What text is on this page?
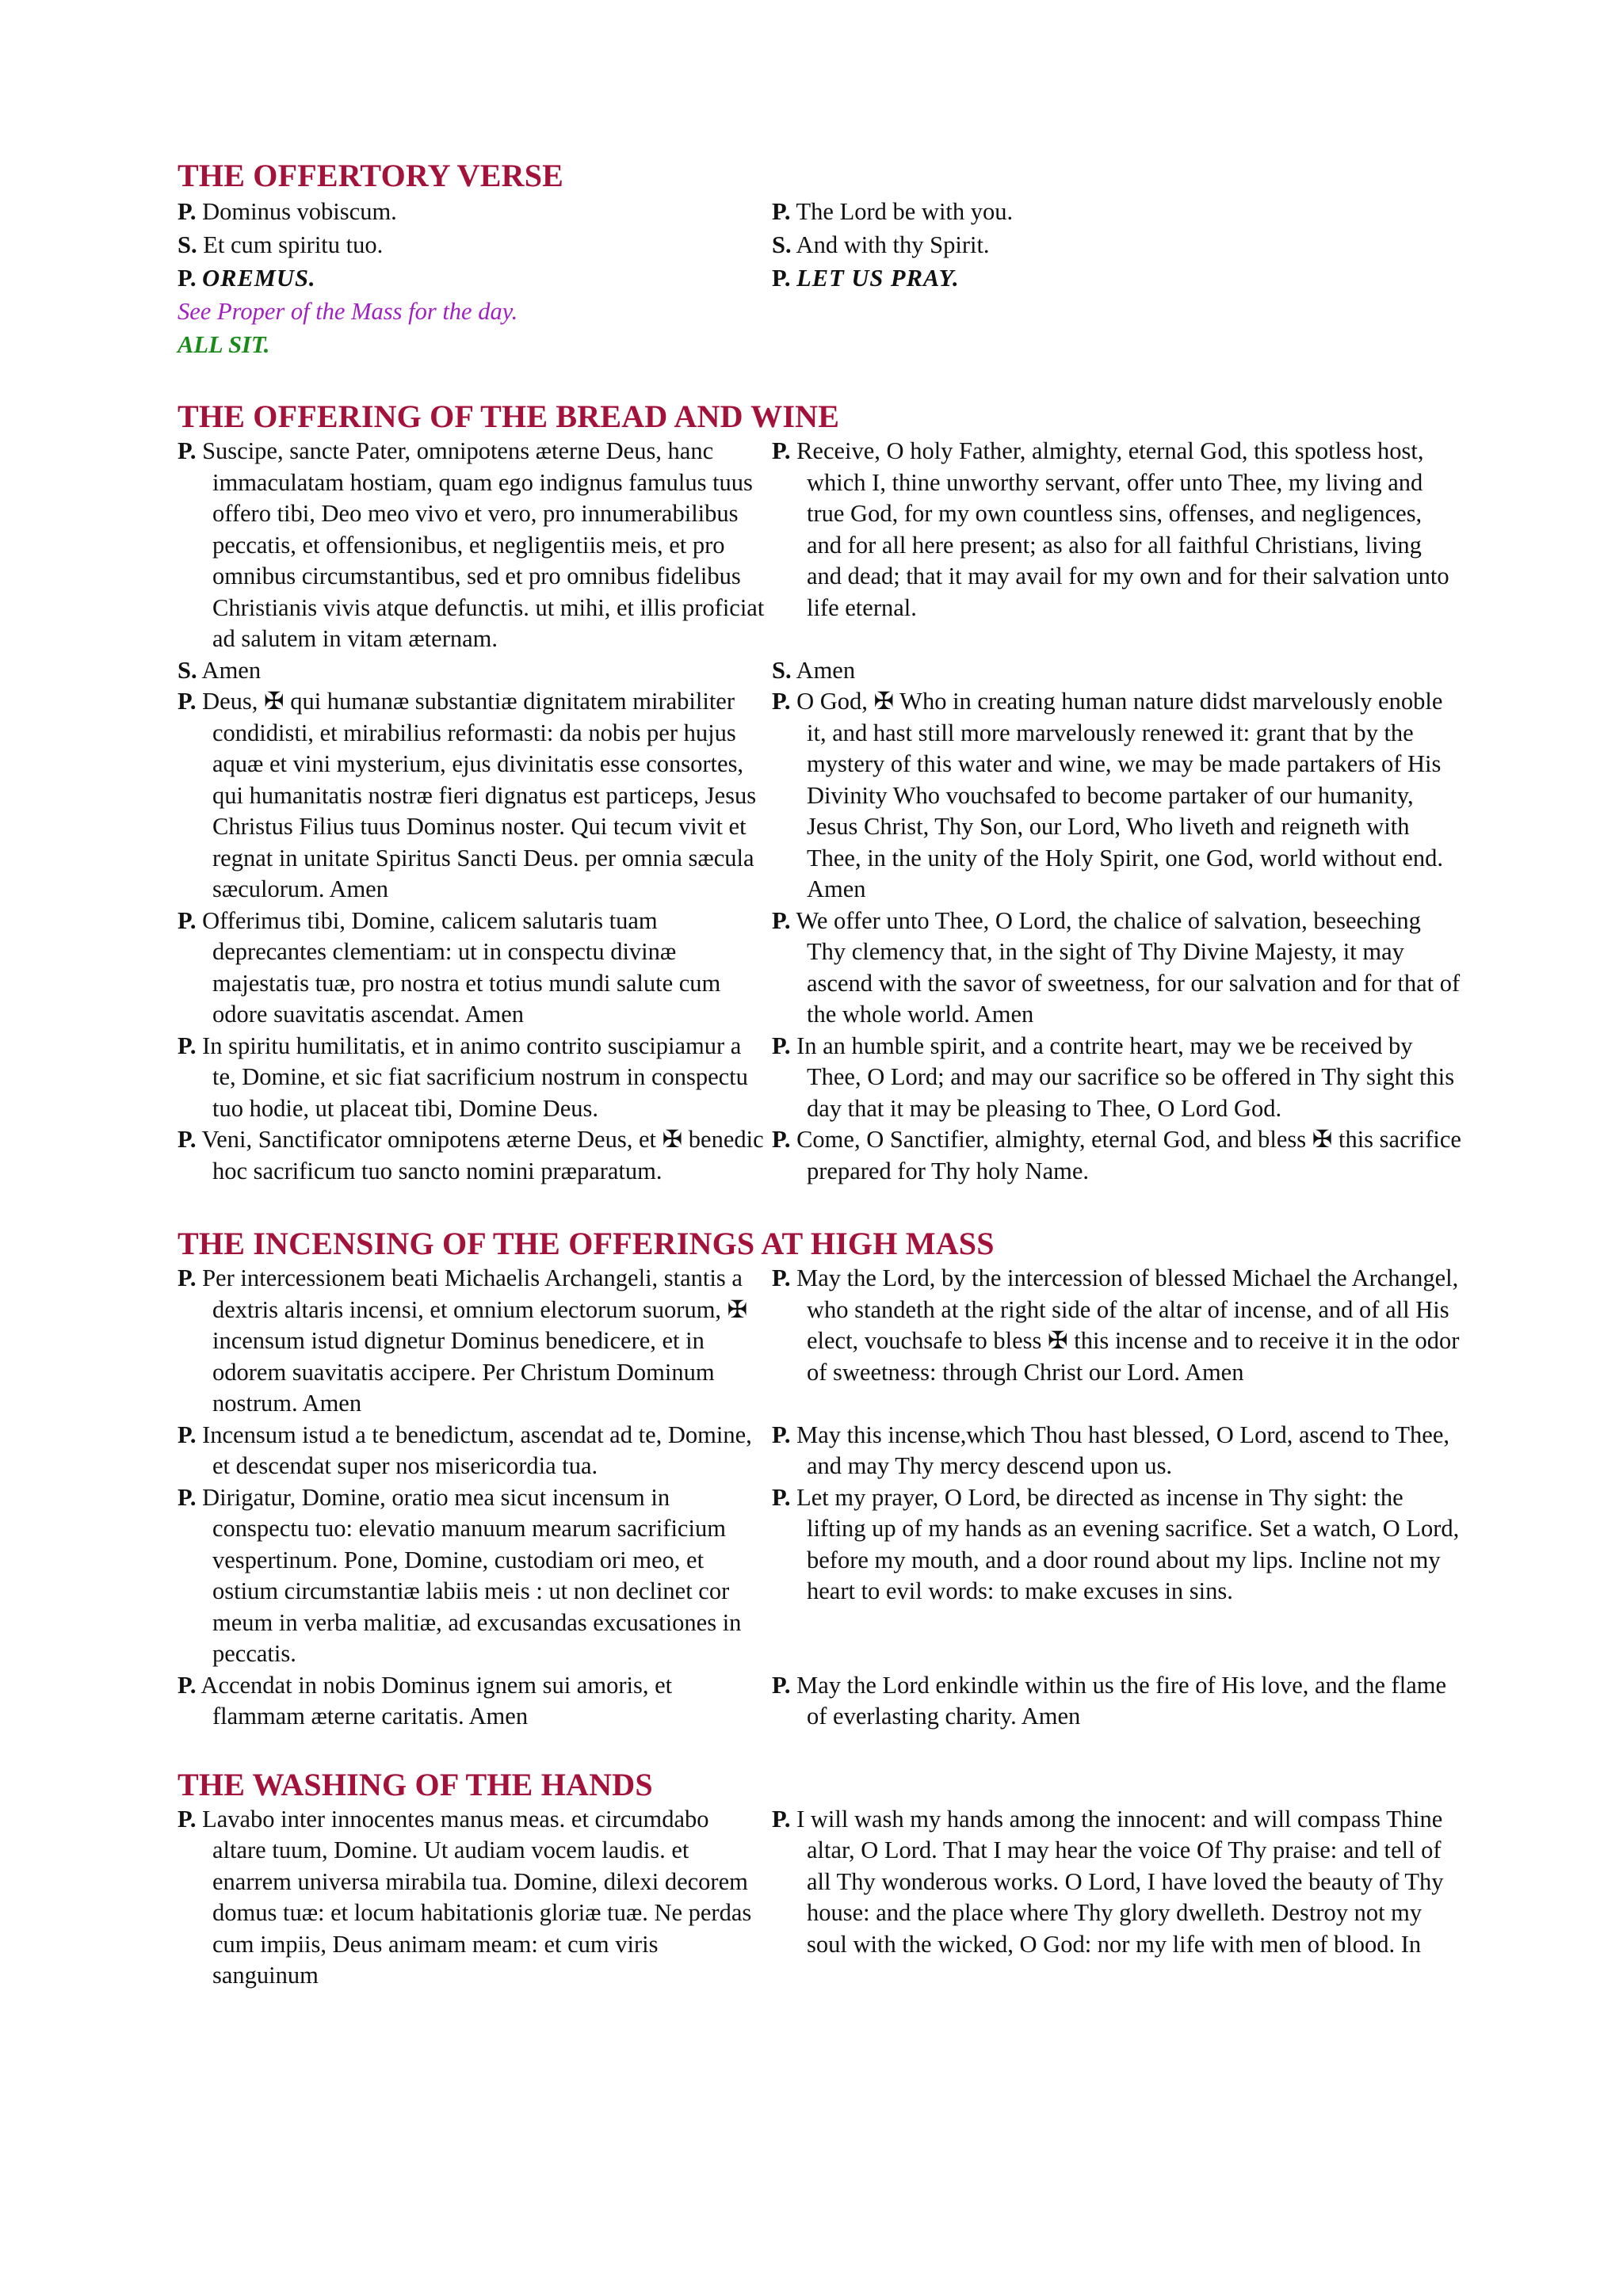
THE OFFERTORY VERSE
P. Dominus vobiscum.
S. Et cum spiritu tuo.
P. OREMUS.
See Proper of the Mass for the day.
ALL SIT.
P. The Lord be with you.
S. And with thy Spirit.
P. LET US PRAY.
THE OFFERING OF THE BREAD AND WINE
P. Suscipe, sancte Pater, omnipotens æterne Deus, hanc immaculatam hostiam, quam ego indignus famulus tuus offero tibi, Deo meo vivo et vero, pro innumerabilibus peccatis, et offensionibus, et negligentiis meis, et pro omnibus circumstantibus, sed et pro omnibus fidelibus Christianis vivis atque defunctis. ut mihi, et illis proficiat ad salutem in vitam æternam.
P. Receive, O holy Father, almighty, eternal God, this spotless host, which I, thine unworthy servant, offer unto Thee, my living and true God, for my own countless sins, offenses, and negligences, and for all here present; as also for all faithful Christians, living and dead; that it may avail for my own and for their salvation unto life eternal.
S. Amen	S. Amen
P. Deus, ✠ qui humanæ substantiæ dignitatem mirabiliter condidisti, et mirabilius reformasti: da nobis per hujus aquæ et vini mysterium, ejus divinitatis esse consortes, qui humanitatis nostræ fieri dignatus est particeps, Jesus Christus Filius tuus Dominus noster. Qui tecum vivit et regnat in unitate Spiritus Sancti Deus. per omnia sæcula sæculorum. Amen
P. O God, ✠ Who in creating human nature didst marvelously enoble it, and hast still more marvelously renewed it: grant that by the mystery of this water and wine, we may be made partakers of His Divinity Who vouchsafed to become partaker of our humanity, Jesus Christ, Thy Son, our Lord, Who liveth and reigneth with Thee, in the unity of the Holy Spirit, one God, world without end. Amen
P. Offerimus tibi, Domine, calicem salutaris tuam deprecantes clementiam: ut in conspectu divinæ majestatis tuæ, pro nostra et totius mundi salute cum odore suavitatis ascendat. Amen
P. We offer unto Thee, O Lord, the chalice of salvation, beseeching Thy clemency that, in the sight of Thy Divine Majesty, it may ascend with the savor of sweetness, for our salvation and for that of the whole world. Amen
P. In spiritu humilitatis, et in animo contrito suscipiamur a te, Domine, et sic fiat sacrificium nostrum in conspectu tuo hodie, ut placeat tibi, Domine Deus.
P. In an humble spirit, and a contrite heart, may we be received by Thee, O Lord; and may our sacrifice so be offered in Thy sight this day that it may be pleasing to Thee, O Lord God.
P. Veni, Sanctificator omnipotens æterne Deus, et ✠ benedic hoc sacrificum tuo sancto nomini præparatum.
P. Come, O Sanctifier, almighty, eternal God, and bless ✠ this sacrifice prepared for Thy holy Name.
THE INCENSING OF THE OFFERINGS AT HIGH MASS
P. Per intercessionem beati Michaelis Archangeli, stantis a dextris altaris incensi, et omnium electorum suorum, ✠ incensum istud dignetur Dominus benedicere, et in odorem suavitatis accipere. Per Christum Dominum nostrum. Amen
P. May the Lord, by the intercession of blessed Michael the Archangel, who standeth at the right side of the altar of incense, and of all His elect, vouchsafe to bless ✠ this incense and to receive it in the odor of sweetness: through Christ our Lord. Amen
P. Incensum istud a te benedictum, ascendat ad te, Domine, et descendat super nos misericordia tua.
P. May this incense,which Thou hast blessed, O Lord, ascend to Thee, and may Thy mercy descend upon us.
P. Dirigatur, Domine, oratio mea sicut incensum in conspectu tuo: elevatio manuum mearum sacrificium vespertinum. Pone, Domine, custodiam ori meo, et ostium circumstantiæ labiis meis : ut non declinet cor meum in verba malitiæ, ad excusandas excusationes in peccatis.
P. Let my prayer, O Lord, be directed as incense in Thy sight: the lifting up of my hands as an evening sacrifice. Set a watch, O Lord, before my mouth, and a door round about my lips. Incline not my heart to evil words: to make excuses in sins.
P. Accendat in nobis Dominus ignem sui amoris, et flammam æterne caritatis. Amen
P. May the Lord enkindle within us the fire of His love, and the flame of everlasting charity. Amen
THE WASHING OF THE HANDS
P. Lavabo inter innocentes manus meas. et circumdabo altare tuum, Domine. Ut audiam vocem laudis. et enarrem universa mirabila tua. Domine, dilexi decorem domus tuæ: et locum habitationis gloriæ tuæ. Ne perdas cum impiis, Deus animam meam: et cum viris sanguinum
P. I will wash my hands among the innocent: and will compass Thine altar, O Lord. That I may hear the voice Of Thy praise: and tell of all Thy wonderous works. O Lord, I have loved the beauty of Thy house: and the place where Thy glory dwelleth. Destroy not my soul with the wicked, O God: nor my life with men of blood. In
